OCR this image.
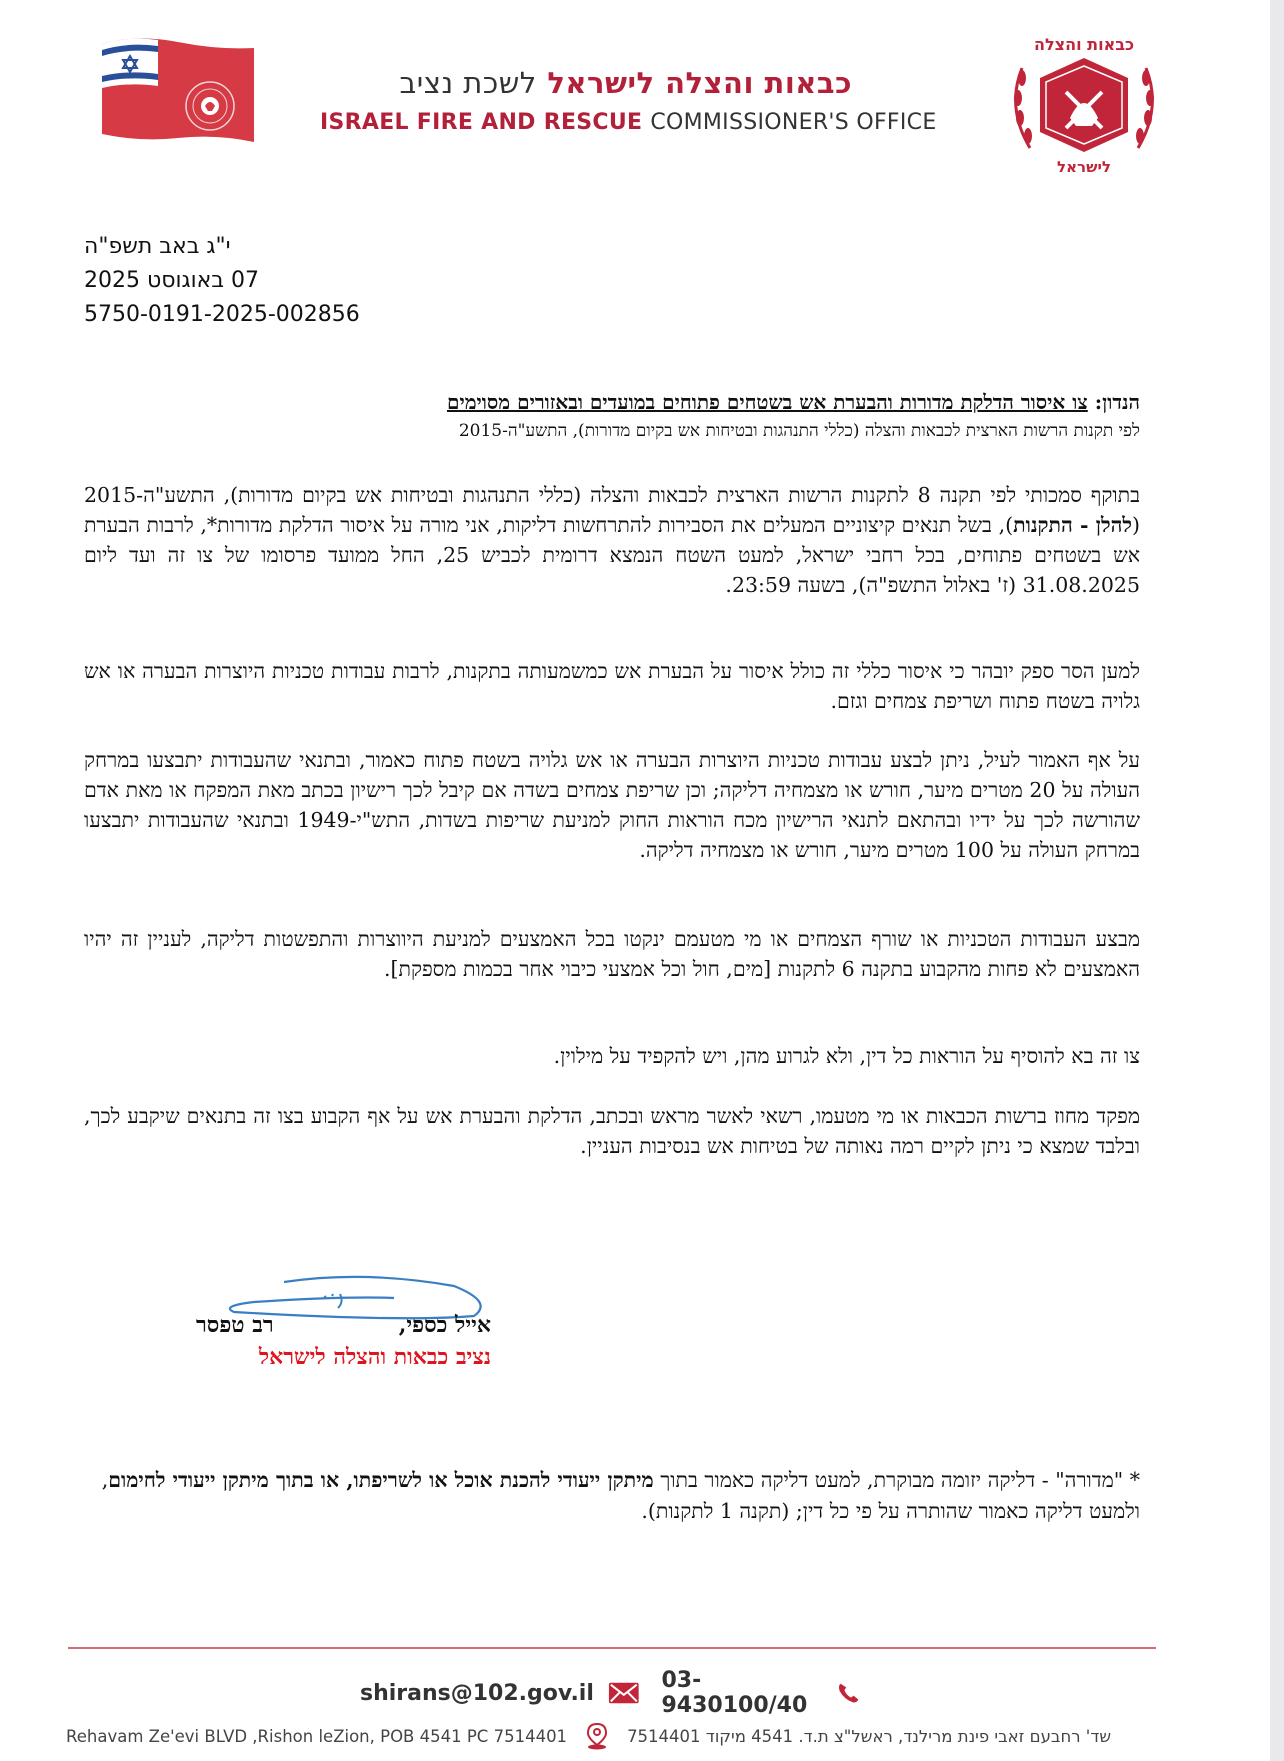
כבאות והצלה לישראל לשכת נציב
ISRAEL FIRE AND RESCUE COMMISSIONER'S OFFICE
כבאות והצלה
לישראל
י"ג באב תשפ"ה
07 באוגוסט 2025
5750-0191-2025-002856
הנדון: צו איסור הדלקת מדורות והבערת אש בשטחים פתוחים במועדים ובאזורים מסוימים
לפי תקנות הרשות הארצית לכבאות והצלה (כללי התנהגות ובטיחות אש בקיום מדורות), התשע"ה-2015
בתוקף סמכותי לפי תקנה 8 לתקנות הרשות הארצית לכבאות והצלה (כללי התנהגות ובטיחות אש בקיום מדורות), התשע"ה-2015 (להלן - התקנות), בשל תנאים קיצוניים המעלים את הסבירות להתרחשות דליקות, אני מורה על איסור הדלקת מדורות*, לרבות הבערת אש בשטחים פתוחים, בכל רחבי ישראל, למעט השטח הנמצא דרומית לכביש 25, החל ממועד פרסומו של צו זה ועד ליום 31.08.2025 (ז' באלול התשפ"ה), בשעה 23:59.
למען הסר ספק יובהר כי איסור כללי זה כולל איסור על הבערת אש כמשמעותה בתקנות, לרבות עבודות טכניות היוצרות הבערה או אש גלויה בשטח פתוח ושריפת צמחים וגזם.
על אף האמור לעיל, ניתן לבצע עבודות טכניות היוצרות הבערה או אש גלויה בשטח פתוח כאמור, ובתנאי שהעבודות יתבצעו במרחק העולה על 20 מטרים מיער, חורש או מצמחיה דליקה; וכן שריפת צמחים בשדה אם קיבל לכך רישיון בכתב מאת המפקח או מאת אדם שהורשה לכך על ידיו ובהתאם לתנאי הרישיון מכח הוראות החוק למניעת שריפות בשדות, התש"י-1949 ובתנאי שהעבודות יתבצעו במרחק העולה על 100 מטרים מיער, חורש או מצמחיה דליקה.
מבצע העבודות הטכניות או שורף הצמחים או מי מטעמם ינקטו בכל האמצעים למניעת היווצרות והתפשטות דליקה, לעניין זה יהיו האמצעים לא פחות מהקבוע בתקנה 6 לתקנות [מים, חול וכל אמצעי כיבוי אחר בכמות מספקת].
צו זה בא להוסיף על הוראות כל דין, ולא לגרוע מהן, ויש להקפיד על מילוין.
מפקד מחוז ברשות הכבאות או מי מטעמו, רשאי לאשר מראש ובכתב, הדלקת והבערת אש על אף הקבוע בצו זה בתנאים שיקבע לכך, ובלבד שמצא כי ניתן לקיים רמה נאותה של בטיחות אש בנסיבות העניין.
אייל כספי,
רב טפסר
נציב כבאות והצלה לישראל
* "מדורה" - דליקה יזומה מבוקרת, למעט דליקה כאמור בתוך מיתקן ייעודי להכנת אוכל או לשריפתו, או בתוך מיתקן ייעודי לחימום, ולמעט דליקה כאמור שהותרה על פי כל דין; (תקנה 1 לתקנות).
shirans@102.gov.il	03-9430100/40
Rehavam Ze'evi BLVD ,Rishon leZion, POB 4541 PC 7514401	שד' רחבעם זאבי פינת מרילנד, ראשל"צ ת.ד. 4541 מיקוד 7514401
